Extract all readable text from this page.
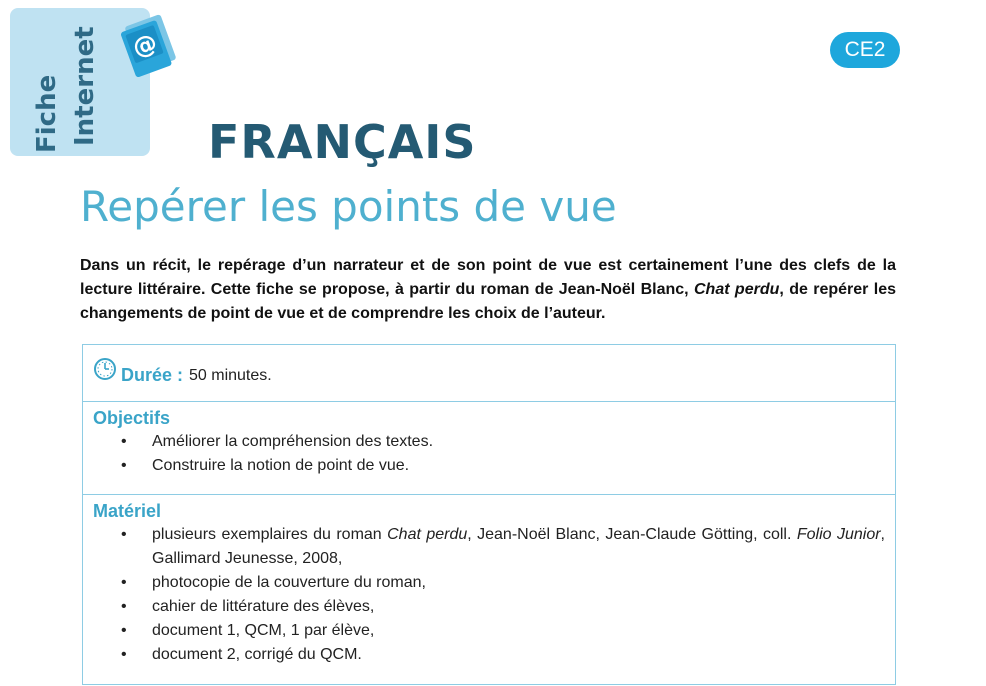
Fiche Internet @	CE2
FRANÇAIS
Repérer les points de vue
Dans un récit, le repérage d’un narrateur et de son point de vue est certainement l’une des clefs de la lecture littéraire. Cette fiche se propose, à partir du roman de Jean-Noël Blanc, Chat perdu, de repérer les changements de point de vue et de comprendre les choix de l’auteur.
Durée : 50 minutes.
Objectifs
• Améliorer la compréhension des textes.
• Construire la notion de point de vue.
Matériel
• plusieurs exemplaires du roman Chat perdu, Jean-Noël Blanc, Jean-Claude Götting, coll. Folio Junior, Gallimard Jeunesse, 2008,
• photocopie de la couverture du roman,
• cahier de littérature des élèves,
• document 1, QCM, 1 par élève,
• document 2, corrigé du QCM.
